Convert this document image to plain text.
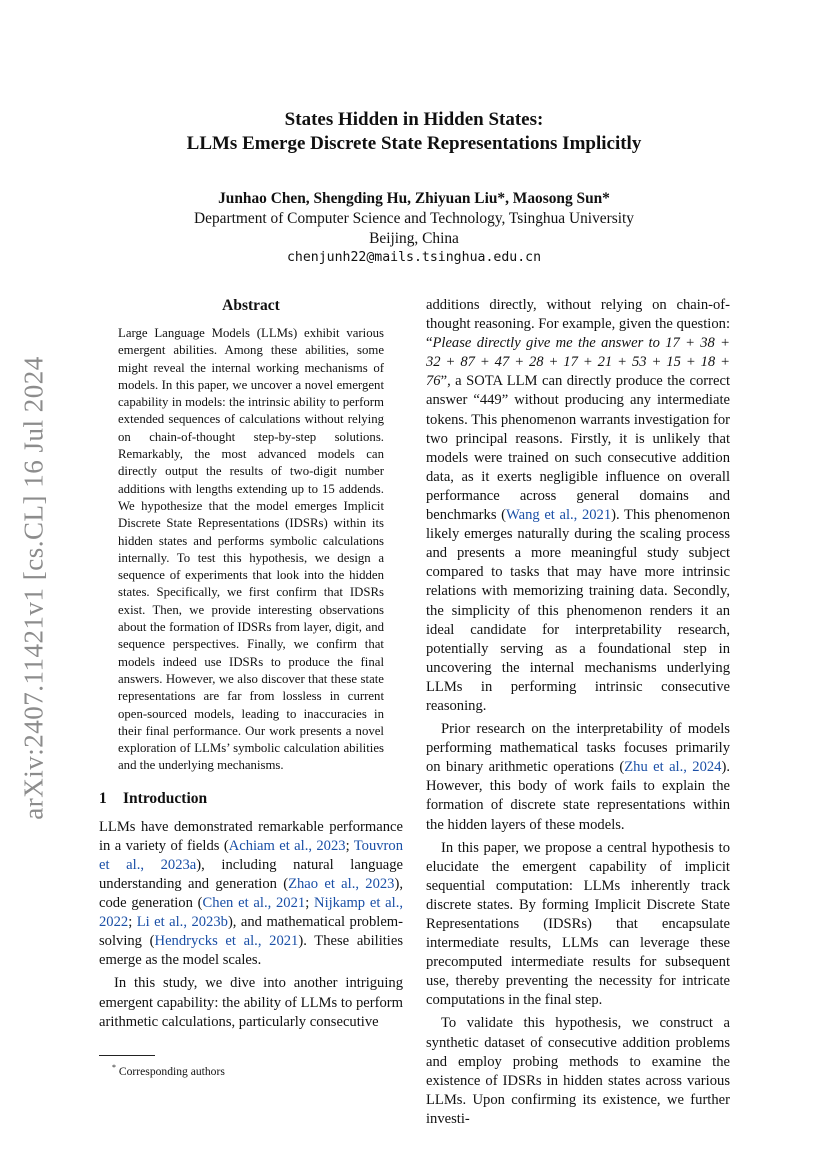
arXiv:2407.11421v1 [cs.CL] 16 Jul 2024
States Hidden in Hidden States:
LLMs Emerge Discrete State Representations Implicitly
Junhao Chen, Shengding Hu, Zhiyuan Liu*, Maosong Sun*
Department of Computer Science and Technology, Tsinghua University
Beijing, China
chenjunh22@mails.tsinghua.edu.cn
Abstract
Large Language Models (LLMs) exhibit various emergent abilities. Among these abilities, some might reveal the internal working mechanisms of models. In this paper, we uncover a novel emergent capability in models: the intrinsic ability to perform extended sequences of calculations without relying on chain-of-thought step-by-step solutions. Remarkably, the most advanced models can directly output the results of two-digit number additions with lengths extending up to 15 addends. We hypothesize that the model emerges Implicit Discrete State Representations (IDSRs) within its hidden states and performs symbolic calculations internally. To test this hypothesis, we design a sequence of experiments that look into the hidden states. Specifically, we first confirm that IDSRs exist. Then, we provide interesting observations about the formation of IDSRs from layer, digit, and sequence perspectives. Finally, we confirm that models indeed use IDSRs to produce the final answers. However, we also discover that these state representations are far from lossless in current open-sourced models, leading to inaccuracies in their final performance. Our work presents a novel exploration of LLMs’ symbolic calculation abilities and the underlying mechanisms.
1 Introduction

LLMs have demonstrated remarkable performance in a variety of fields (Achiam et al., 2023; Touvron et al., 2023a), including natural language understanding and generation (Zhao et al., 2023), code generation (Chen et al., 2021; Nijkamp et al., 2022; Li et al., 2023b), and mathematical problem-solving (Hendrycks et al., 2021). These abilities emerge as the model scales.

In this study, we dive into another intriguing emergent capability: the ability of LLMs to perform arithmetic calculations, particularly consecutive

* Corresponding authors

additions directly, without relying on chain-of-thought reasoning. For example, given the question: “Please directly give me the answer to 17 + 38 + 32 + 87 + 47 + 28 + 17 + 21 + 53 + 15 + 18 + 76”, a SOTA LLM can directly produce the correct answer “449” without producing any intermediate tokens. This phenomenon warrants investigation for two principal reasons. Firstly, it is unlikely that models were trained on such consecutive addition data, as it exerts negligible influence on overall performance across general domains and benchmarks (Wang et al., 2021). This phenomenon likely emerges naturally during the scaling process and presents a more meaningful study subject compared to tasks that may have more intrinsic relations with memorizing training data. Secondly, the simplicity of this phenomenon renders it an ideal candidate for interpretability research, potentially serving as a foundational step in uncovering the internal mechanisms underlying LLMs in performing intrinsic consecutive reasoning.

Prior research on the interpretability of models performing mathematical tasks focuses primarily on binary arithmetic operations (Zhu et al., 2024). However, this body of work fails to explain the formation of discrete state representations within the hidden layers of these models.

In this paper, we propose a central hypothesis to elucidate the emergent capability of implicit sequential computation: LLMs inherently track discrete states. By forming Implicit Discrete State Representations (IDSRs) that encapsulate intermediate results, LLMs can leverage these precomputed intermediate results for subsequent use, thereby preventing the necessity for intricate computations in the final step.

To validate this hypothesis, we construct a synthetic dataset of consecutive addition problems and employ probing methods to examine the existence of IDSRs in hidden states across various LLMs. Upon confirming its existence, we further investi-
